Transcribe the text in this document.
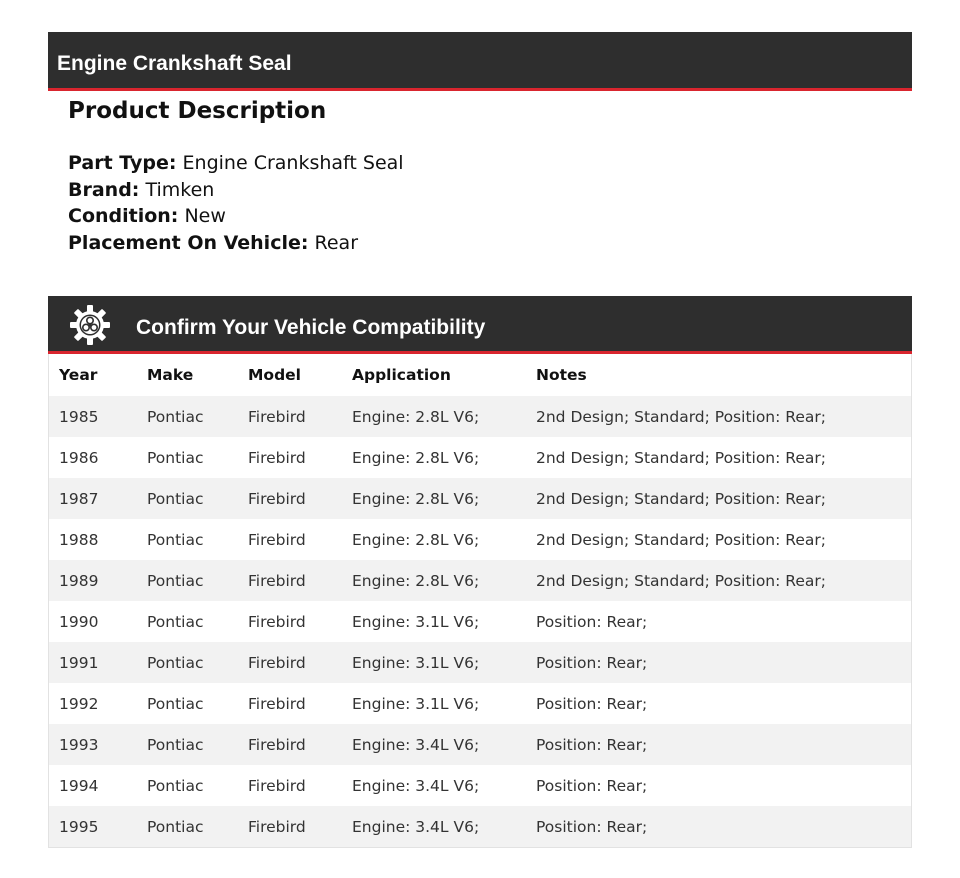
Engine Crankshaft Seal
Product Description
Part Type: Engine Crankshaft Seal
Brand: Timken
Condition: New
Placement On Vehicle: Rear
Confirm Your Vehicle Compatibility
Year	Make	Model	Application	Notes
1985	Pontiac	Firebird	Engine: 2.8L V6;	2nd Design; Standard; Position: Rear;
1986	Pontiac	Firebird	Engine: 2.8L V6;	2nd Design; Standard; Position: Rear;
1987	Pontiac	Firebird	Engine: 2.8L V6;	2nd Design; Standard; Position: Rear;
1988	Pontiac	Firebird	Engine: 2.8L V6;	2nd Design; Standard; Position: Rear;
1989	Pontiac	Firebird	Engine: 2.8L V6;	2nd Design; Standard; Position: Rear;
1990	Pontiac	Firebird	Engine: 3.1L V6;	Position: Rear;
1991	Pontiac	Firebird	Engine: 3.1L V6;	Position: Rear;
1992	Pontiac	Firebird	Engine: 3.1L V6;	Position: Rear;
1993	Pontiac	Firebird	Engine: 3.4L V6;	Position: Rear;
1994	Pontiac	Firebird	Engine: 3.4L V6;	Position: Rear;
1995	Pontiac	Firebird	Engine: 3.4L V6;	Position: Rear;
